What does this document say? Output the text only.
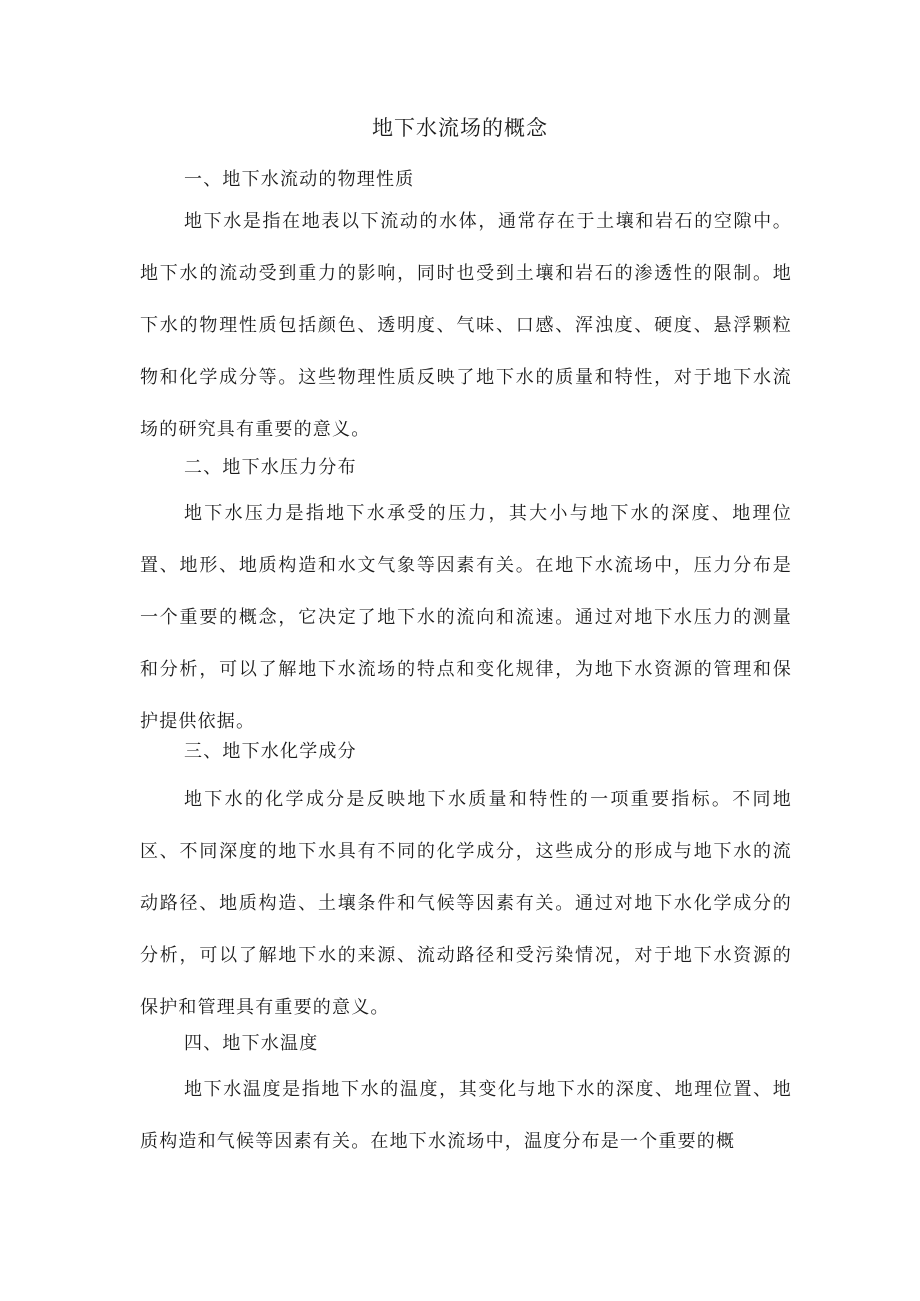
地下水流场的概念

一、地下水流动的物理性质

地下水是指在地表以下流动的水体，通常存在于土壤和岩石的空隙中。地下水的流动受到重力的影响，同时也受到土壤和岩石的渗透性的限制。地下水的物理性质包括颜色、透明度、气味、口感、浑浊度、硬度、悬浮颗粒物和化学成分等。这些物理性质反映了地下水的质量和特性，对于地下水流场的研究具有重要的意义。

二、地下水压力分布

地下水压力是指地下水承受的压力，其大小与地下水的深度、地理位置、地形、地质构造和水文气象等因素有关。在地下水流场中，压力分布是一个重要的概念，它决定了地下水的流向和流速。通过对地下水压力的测量和分析，可以了解地下水流场的特点和变化规律，为地下水资源的管理和保护提供依据。

三、地下水化学成分

地下水的化学成分是反映地下水质量和特性的一项重要指标。不同地区、不同深度的地下水具有不同的化学成分，这些成分的形成与地下水的流动路径、地质构造、土壤条件和气候等因素有关。通过对地下水化学成分的分析，可以了解地下水的来源、流动路径和受污染情况，对于地下水资源的保护和管理具有重要的意义。

四、地下水温度

地下水温度是指地下水的温度，其变化与地下水的深度、地理位置、地质构造和气候等因素有关。在地下水流场中，温度分布是一个重要的概
